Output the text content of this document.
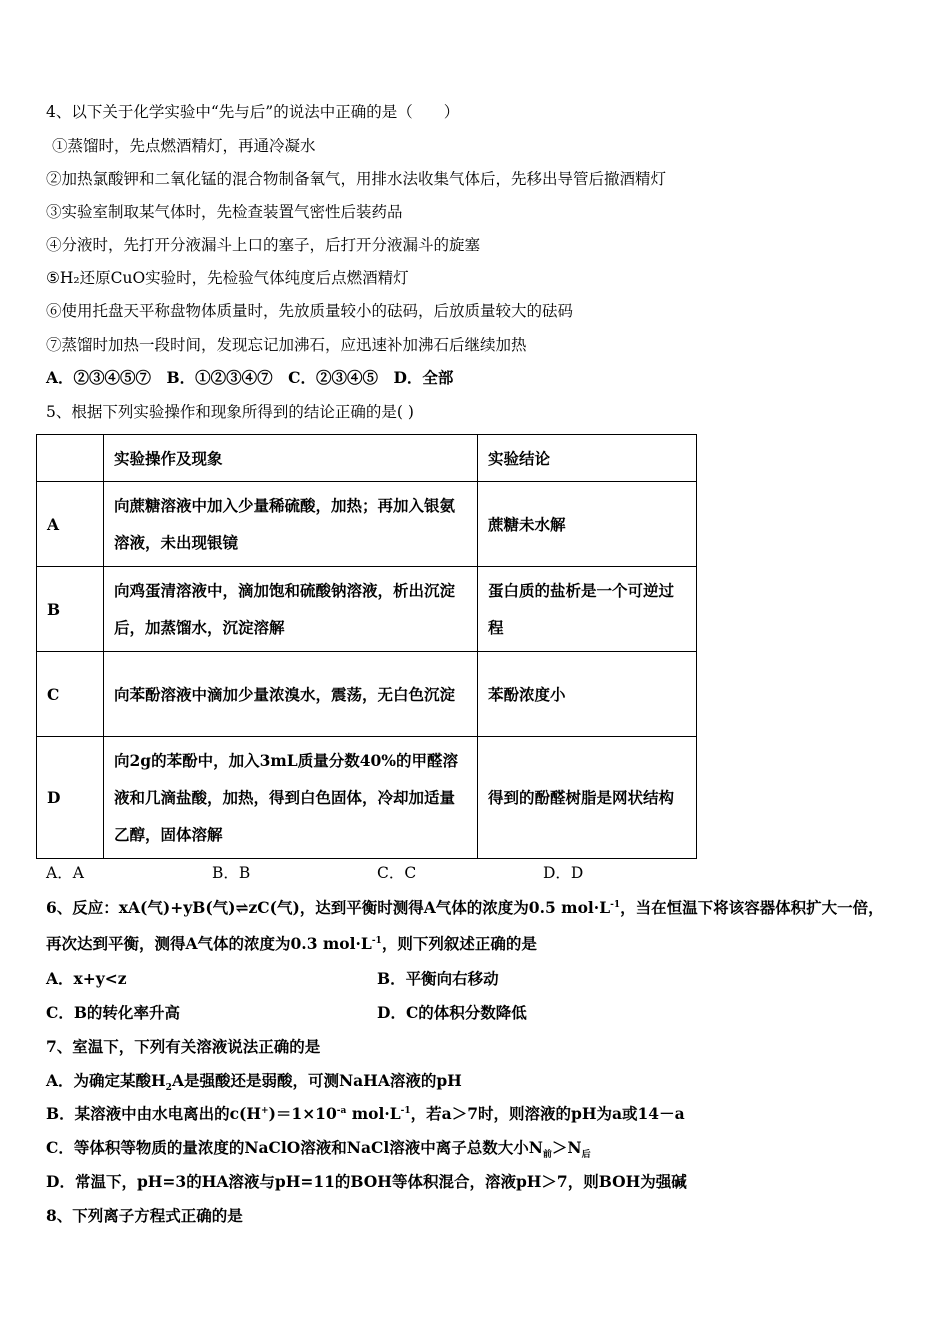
4、以下关于化学实验中“先与后”的说法中正确的是（　　）
①蒸馏时，先点燃酒精灯，再通冷凝水
②加热氯酸钾和二氧化锰的混合物制备氧气，用排水法收集气体后，先移出导管后撤酒精灯
③实验室制取某气体时，先检查装置气密性后装药品
④分液时，先打开分液漏斗上口的塞子，后打开分液漏斗的旋塞
⑤H₂还原CuO实验时，先检验气体纯度后点燃酒精灯
⑥使用托盘天平称盘物体质量时，先放质量较小的砝码，后放质量较大的砝码
⑦蒸馏时加热一段时间，发现忘记加沸石，应迅速补加沸石后继续加热
A．②③④⑤⑦　B．①②③④⑦　C．②③④⑤　D．全部
5、根据下列实验操作和现象所得到的结论正确的是( )
	实验操作及现象	实验结论
A	向蔗糖溶液中加入少量稀硫酸，加热；再加入银氨溶液，未出现银镜	蔗糖未水解
B	向鸡蛋清溶液中，滴加饱和硫酸钠溶液，析出沉淀后，加蒸馏水，沉淀溶解	蛋白质的盐析是一个可逆过程
C	向苯酚溶液中滴加少量浓溴水，震荡，无白色沉淀	苯酚浓度小
D	向2g的苯酚中，加入3mL质量分数40%的甲醛溶液和几滴盐酸，加热，得到白色固体，冷却加适量乙醇，固体溶解	得到的酚醛树脂是网状结构
A．A	B．B	C．C	D．D
6、反应：xA(气)+yB(气)⇌zC(气)，达到平衡时测得A气体的浓度为0.5 $mol\cdot L^{-1}$，当在恒温下将该容器体积扩大一倍，
再次达到平衡，测得A气体的浓度为0.3 $mol\cdot L^{-1}$，则下列叙述正确的是
A．x+y<z	B．平衡向右移动
C．B的转化率升高	D．C的体积分数降低
7、室温下，下列有关溶液说法正确的是
A．为确定某酸$H_2A$是强酸还是弱酸，可测NaHA溶液的pH
B．某溶液中由水电离出的$c(H^+)=1\times 10^{-a}$ $mol\cdot L^{-1}$，若a＞7时，则溶液的pH为a或14－a
C．等体积等物质的量浓度的NaClO溶液和NaCl溶液中离子总数大小$N_前>N_后$
D．常温下，pH=3的HA溶液与pH=11的BOH等体积混合，溶液pH＞7，则BOH为强碱
8、下列离子方程式正确的是
